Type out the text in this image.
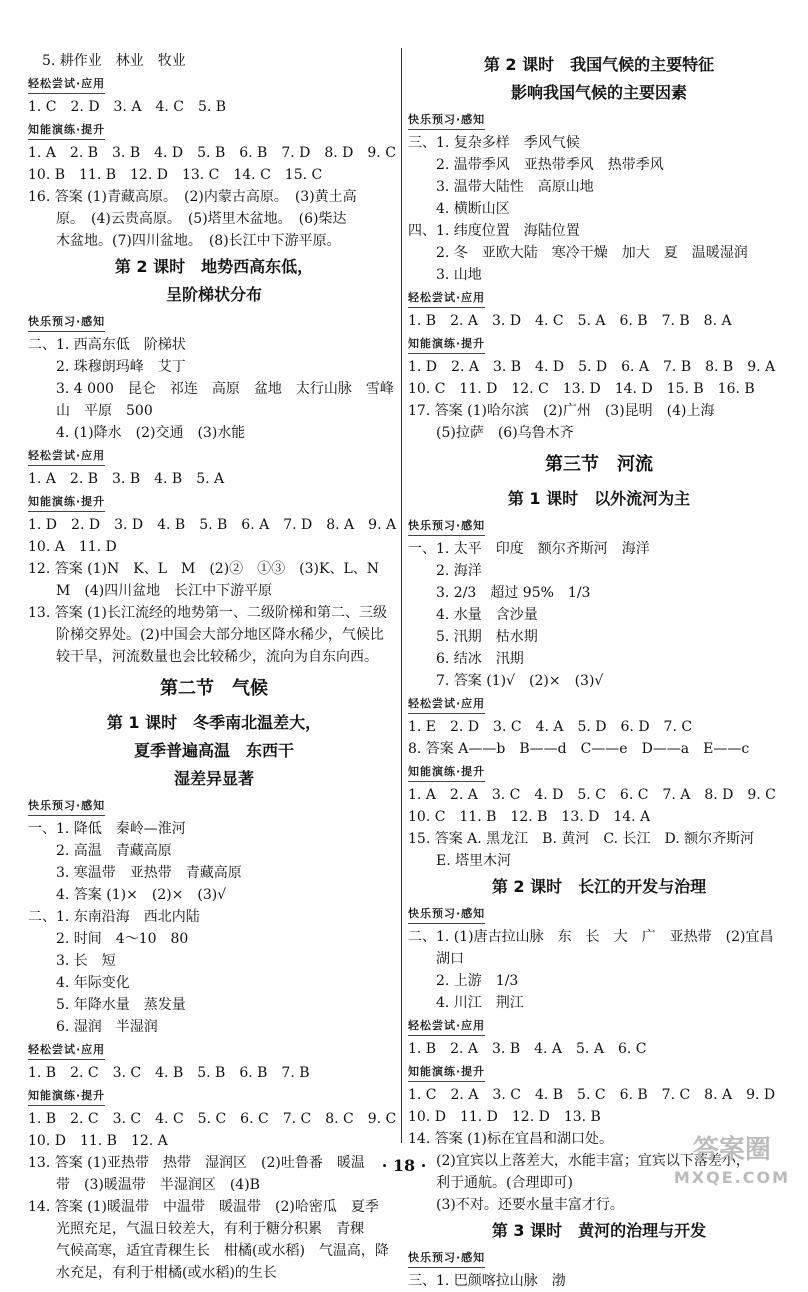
5. 耕作业　林业　牧业
轻松尝试·应用
1. C　2. D　3. A　4. C　5. B
知能演练·提升
1. A　2. B　3. B　4. D　5. B　6. B　7. D　8. D　9. C
10. B　11. B　12. D　13. C　14. C　15. C
16. 答案 (1)青藏高原。　(2)内蒙古高原。　(3)黄土高
原。　(4)云贵高原。　(5)塔里木盆地。　(6)柴达
木盆地。(7)四川盆地。　(8)长江中下游平原。
第 2 课时　地势西高东低，
呈阶梯状分布
快乐预习·感知
二、1. 西高东低　阶梯状
2. 珠穆朗玛峰　艾丁
3. 4 000　昆仑　祁连　高原　盆地　太行山脉　雪峰
山　平原　500
4. (1)降水　(2)交通　(3)水能
轻松尝试·应用
1. A　2. B　3. B　4. B　5. A
知能演练·提升
1. D　2. D　3. D　4. B　5. B　6. A　7. D　8. A　9. A
10. A　11. D
12. 答案 (1)N　K、L　M　(2)②　①③　(3)K、L、N
M　(4)四川盆地　长江中下游平原
13. 答案 (1)长江流经的地势第一、二级阶梯和第二、三级
阶梯交界处。(2)中国会大部分地区降水稀少，气候比
较干旱，河流数量也会比较稀少，流向为自东向西。
第二节　气候
第 1 课时　冬季南北温差大，
夏季普遍高温　东西干
湿差异显著
快乐预习·感知
一、1. 降低　秦岭—淮河
2. 高温　青藏高原
3. 寒温带　亚热带　青藏高原
4. 答案 (1)×　(2)×　(3)√
二、1. 东南沿海　西北内陆
2. 时间　4～10　80
3. 长　短
4. 年际变化
5. 年降水量　蒸发量
6. 湿润　半湿润
轻松尝试·应用
1. B　2. C　3. C　4. B　5. B　6. B　7. B
知能演练·提升
1. B　2. C　3. C　4. C　5. C　6. C　7. C　8. C　9. C
10. D　11. B　12. A
13. 答案 (1)亚热带　热带　湿润区　(2)吐鲁番　暖温
带　(3)暖温带　半湿润区　(4)B
14. 答案 (1)暖温带　中温带　暖温带　(2)哈密瓜　夏季
光照充足，气温日较差大，有利于糖分积累　青稞
气候高寒，适宜青稞生长　柑橘(或水稻)　气温高，降
水充足，有利于柑橘(或水稻)的生长
第 2 课时　我国气候的主要特征
影响我国气候的主要因素
快乐预习·感知
三、1. 复杂多样　季风气候
2. 温带季风　亚热带季风　热带季风
3. 温带大陆性　高原山地
4. 横断山区
四、1. 纬度位置　海陆位置
2. 冬　亚欧大陆　寒冷干燥　加大　夏　温暖湿润
3. 山地
轻松尝试·应用
1. B　2. A　3. D　4. C　5. A　6. B　7. B　8. A
知能演练·提升
1. D　2. A　3. B　4. D　5. D　6. A　7. B　8. B　9. A
10. C　11. D　12. C　13. D　14. D　15. B　16. B
17. 答案 (1)哈尔滨　(2)广州　(3)昆明　(4)上海
(5)拉萨　(6)乌鲁木齐
第三节　河流
第 1 课时　以外流河为主
快乐预习·感知
一、1. 太平　印度　额尔齐斯河　海洋
2. 海洋
3. 2/3　超过 95%　1/3
4. 水量　含沙量
5. 汛期　枯水期
6. 结冰　汛期
7. 答案 (1)√　(2)×　(3)√
轻松尝试·应用
1. E　2. D　3. C　4. A　5. D　6. D　7. C
8. 答案 A——b　B——d　C——e　D——a　E——c
知能演练·提升
1. A　2. A　3. C　4. D　5. C　6. C　7. A　8. D　9. C
10. C　11. B　12. B　13. D　14. A
15. 答案 A. 黑龙江　B. 黄河　C. 长江　D. 额尔齐斯河
E. 塔里木河
第 2 课时　长江的开发与治理
快乐预习·感知
二、1. (1)唐古拉山脉　东　长　大　广　亚热带　(2)宜昌
湖口
2. 上游　1/3
4. 川江　荆江
轻松尝试·应用
1. B　2. A　3. B　4. A　5. A　6. C
知能演练·提升
1. C　2. A　3. C　4. B　5. C　6. B　7. C　8. A　9. D
10. D　11. D　12. D　13. B
14. 答案 (1)标在宜昌和湖口处。
(2)宜宾以上落差大，水能丰富；宜宾以下落差小，
利于通航。(合理即可)
(3)不对。还要水量丰富才行。
第 3 课时　黄河的治理与开发
快乐预习·感知
三、1. 巴颜喀拉山脉　渤
· 18 ·
答案圈
MXQE.COM
